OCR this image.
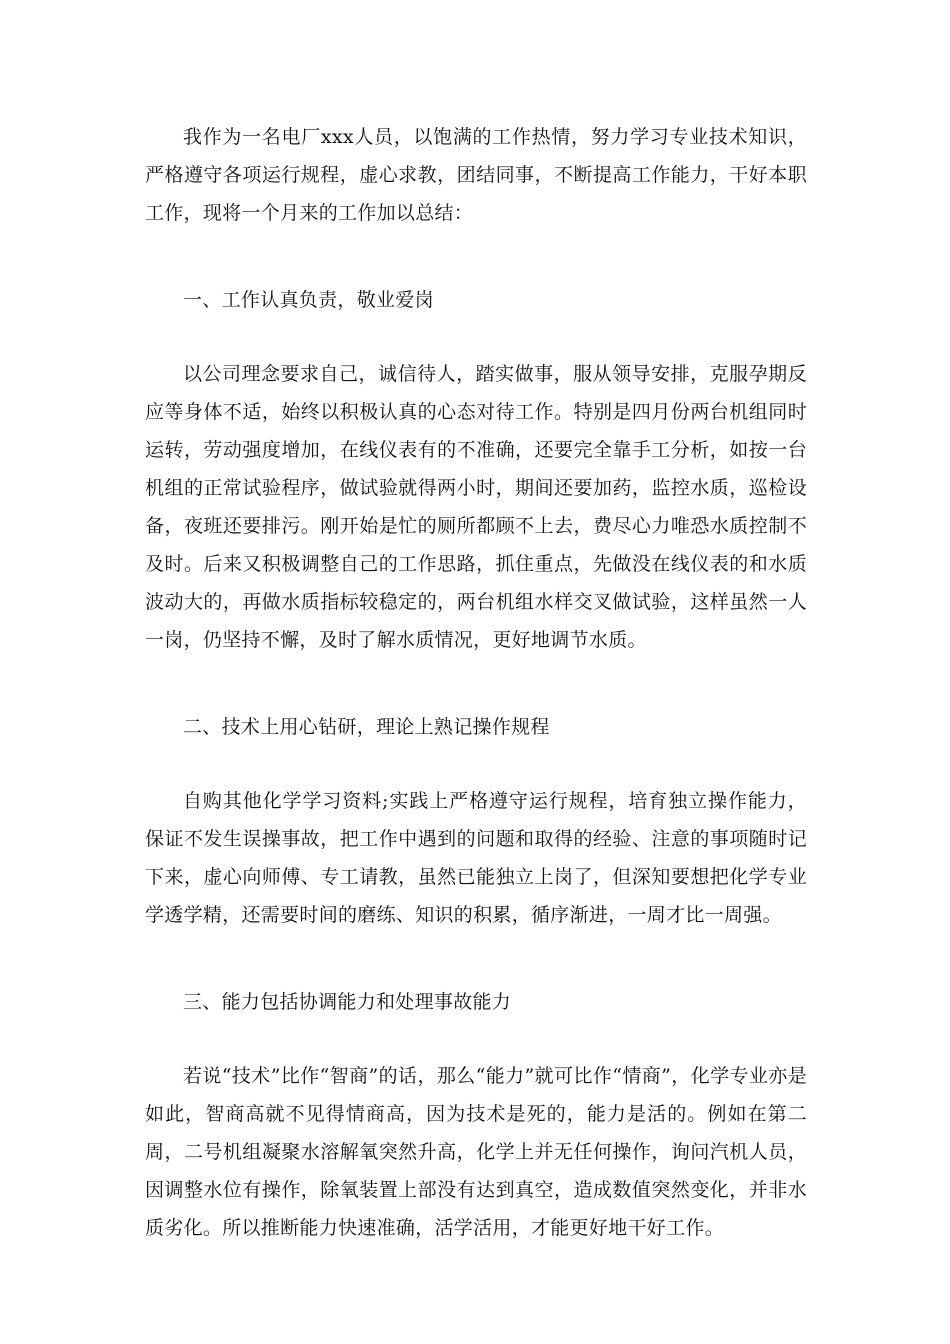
我作为一名电厂xxx人员，以饱满的工作热情，努力学习专业技术知识，严格遵守各项运行规程，虚心求教，团结同事，不断提高工作能力，干好本职工作，现将一个月来的工作加以总结：

一、工作认真负责，敬业爱岗

以公司理念要求自己，诚信待人，踏实做事，服从领导安排，克服孕期反应等身体不适，始终以积极认真的心态对待工作。特别是四月份两台机组同时运转，劳动强度增加，在线仪表有的不准确，还要完全靠手工分析，如按一台机组的正常试验程序，做试验就得两小时，期间还要加药，监控水质，巡检设备，夜班还要排污。刚开始是忙的厕所都顾不上去，费尽心力唯恐水质控制不及时。后来又积极调整自己的工作思路，抓住重点，先做没在线仪表的和水质波动大的，再做水质指标较稳定的，两台机组水样交叉做试验，这样虽然一人一岗，仍坚持不懈，及时了解水质情况，更好地调节水质。

二、技术上用心钻研，理论上熟记操作规程

自购其他化学学习资料;实践上严格遵守运行规程，培育独立操作能力，保证不发生误操事故，把工作中遇到的问题和取得的经验、注意的事项随时记下来，虚心向师傅、专工请教，虽然已能独立上岗了，但深知要想把化学专业学透学精，还需要时间的磨练、知识的积累，循序渐进，一周才比一周强。

三、能力包括协调能力和处理事故能力

若说“技术”比作“智商”的话，那么“能力”就可比作“情商”，化学专业亦是如此，智商高就不见得情商高，因为技术是死的，能力是活的。例如在第二周，二号机组凝聚水溶解氧突然升高，化学上并无任何操作，询问汽机人员，因调整水位有操作，除氧装置上部没有达到真空，造成数值突然变化，并非水质劣化。所以推断能力快速准确，活学活用，才能更好地干好工作。
